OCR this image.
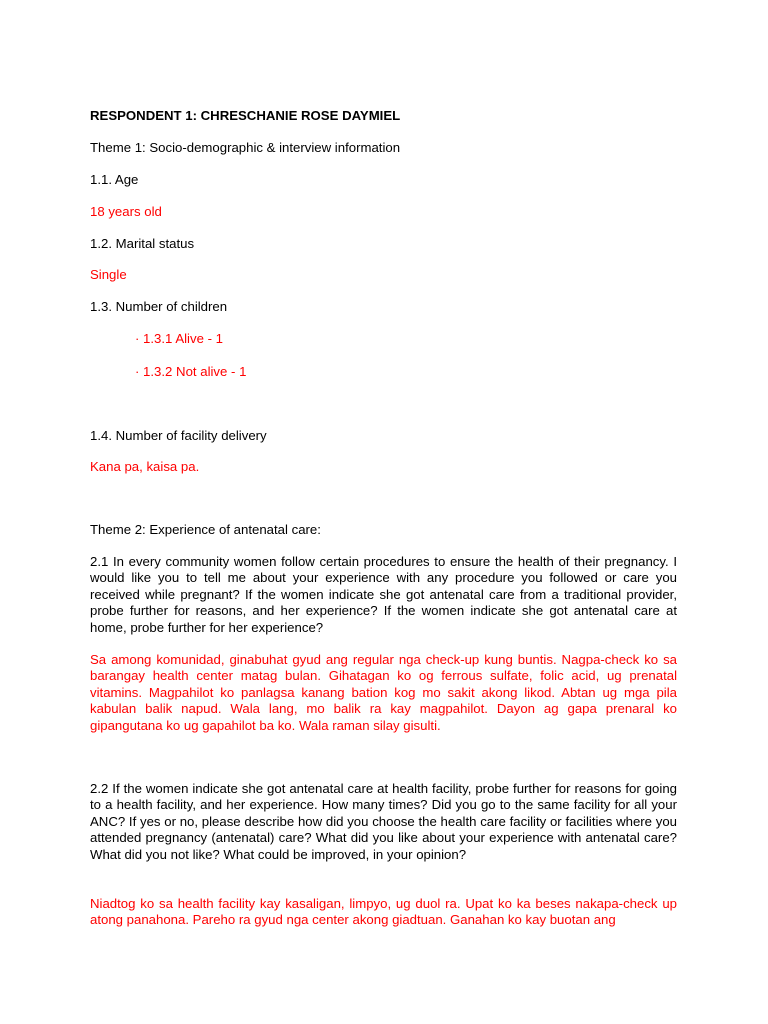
RESPONDENT 1: CHRESCHANIE ROSE DAYMIEL
Theme 1: Socio-demographic & interview information
1.1. Age
18 years old
1.2. Marital status
Single
1.3. Number of children
· 1.3.1 Alive - 1
· 1.3.2 Not alive - 1
1.4. Number of facility delivery
Kana pa, kaisa pa.
Theme 2: Experience of antenatal care:
2.1 In every community women follow certain procedures to ensure the health of their pregnancy. I would like you to tell me about your experience with any procedure you followed or care you received while pregnant? If the women indicate she got antenatal care from a traditional provider, probe further for reasons, and her experience? If the women indicate she got antenatal care at home, probe further for her experience?
Sa among komunidad, ginabuhat gyud ang regular nga check-up kung buntis. Nagpa-check ko sa barangay health center matag bulan. Gihatagan ko og ferrous sulfate, folic acid, ug prenatal vitamins. Magpahilot ko panlagsa kanang bation kog mo sakit akong likod. Abtan ug mga pila kabulan balik napud. Wala lang, mo balik ra kay magpahilot. Dayon ag gapa prenaral ko gipangutana ko ug gapahilot ba ko. Wala raman silay gisulti.
2.2 If the women indicate she got antenatal care at health facility, probe further for reasons for going to a health facility, and her experience. How many times? Did you go to the same facility for all your ANC? If yes or no, please describe how did you choose the health care facility or facilities where you attended pregnancy (antenatal) care? What did you like about your experience with antenatal care? What did you not like? What could be improved, in your opinion?
Niadtog ko sa health facility kay kasaligan, limpyo, ug duol ra. Upat ko ka beses nakapa-check up atong panahona. Pareho ra gyud nga center akong giadtuan. Ganahan ko kay buotan ang
